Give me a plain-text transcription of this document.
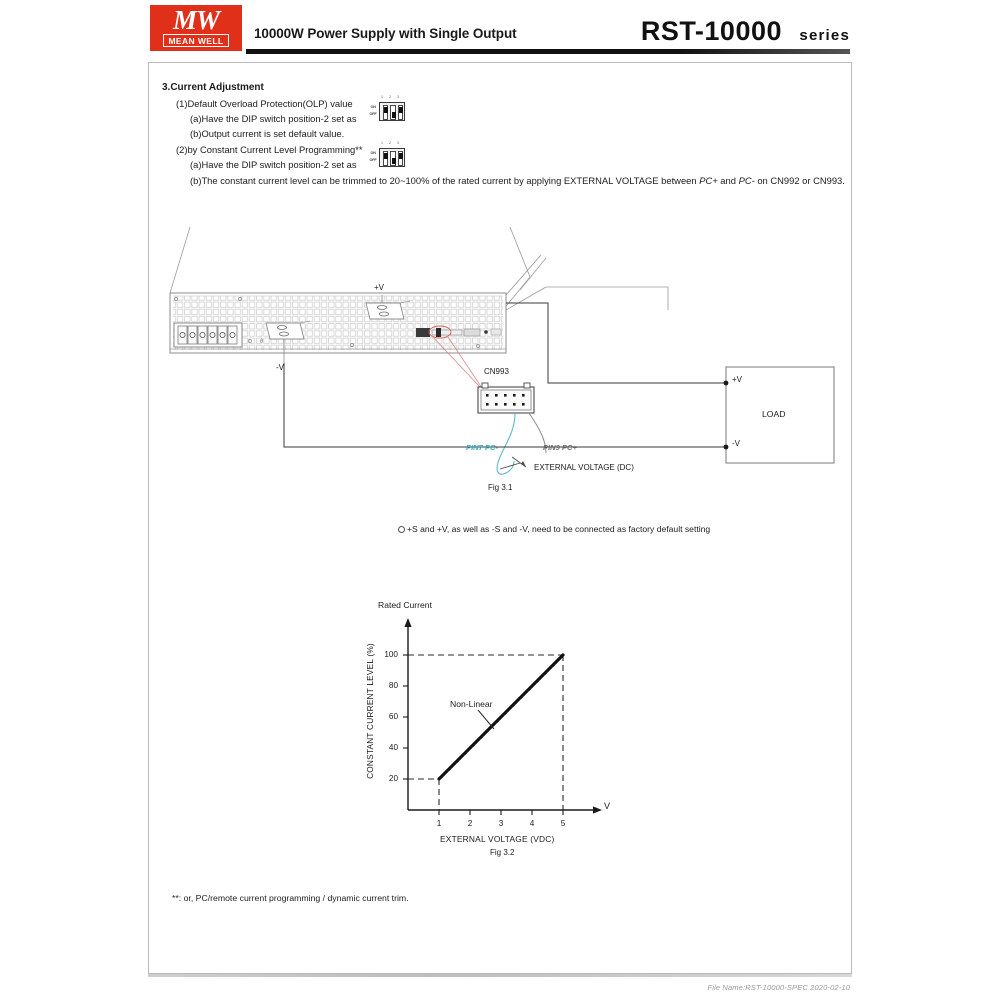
MW
MEAN WELL	10000W Power Supply with Single Output	RST-10000 series
3.Current Adjustment
(1)Default Overload Protection(OLP) value
(a)Have the DIP switch position-2 set as
(b)Output current is set default value.
(2)by Constant Current Level Programming**
(a)Have the DIP switch position-2 set as
(b)The constant current level can be trimmed to 20~100% of the rated current by applying EXTERNAL VOLTAGE between PC+ and PC- on CN992 or CN993.
ON
OFF
1 2 3
ON
OFF
1 2 3
θ
+V
-V	CN993
PIN7 PC-	PIN9 PC+
EXTERNAL VOLTAGE (DC)
Fig 3.1
LOAD
+V
-V
+S and +V, as well as -S and -V, need to be connected as factory default setting
Rated Current
CONSTANT CURRENT LEVEL (%)
EXTERNAL VOLTAGE (VDC)
Fig 3.2
Non-Linear
V
20
40
60
80
100
1	2	3	4	5
**: or, PC/remote current programming / dynamic current trim.
File Name:RST-10000-SPEC 2020-02-10
